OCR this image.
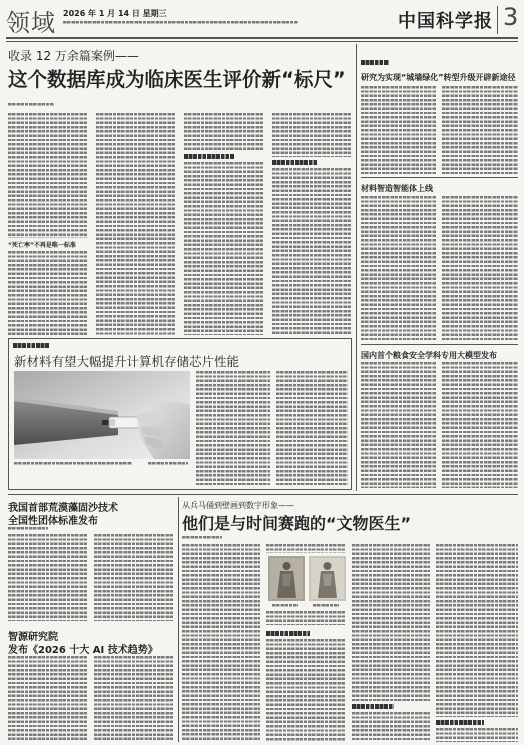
领域 2026 年 1 月 14 日 星期三	中国科学报 3
收录 12 万余篇案例——
这个数据库成为临床医生评价新“标尺”
“死亡率”不再是唯一标准
研究为实现“城墙绿化”转型升级开辟新途径
材料智造智能体上线
国内首个粮食安全学科专用大模型发布
新材料有望大幅提升计算机存储芯片性能
我国首部荒漠藻固沙技术
全国性团体标准发布
智源研究院
发布《2026 十大 AI 技术趋势》
从兵马俑到壁画到数字形象——
他们是与时间赛跑的“文物医生”
